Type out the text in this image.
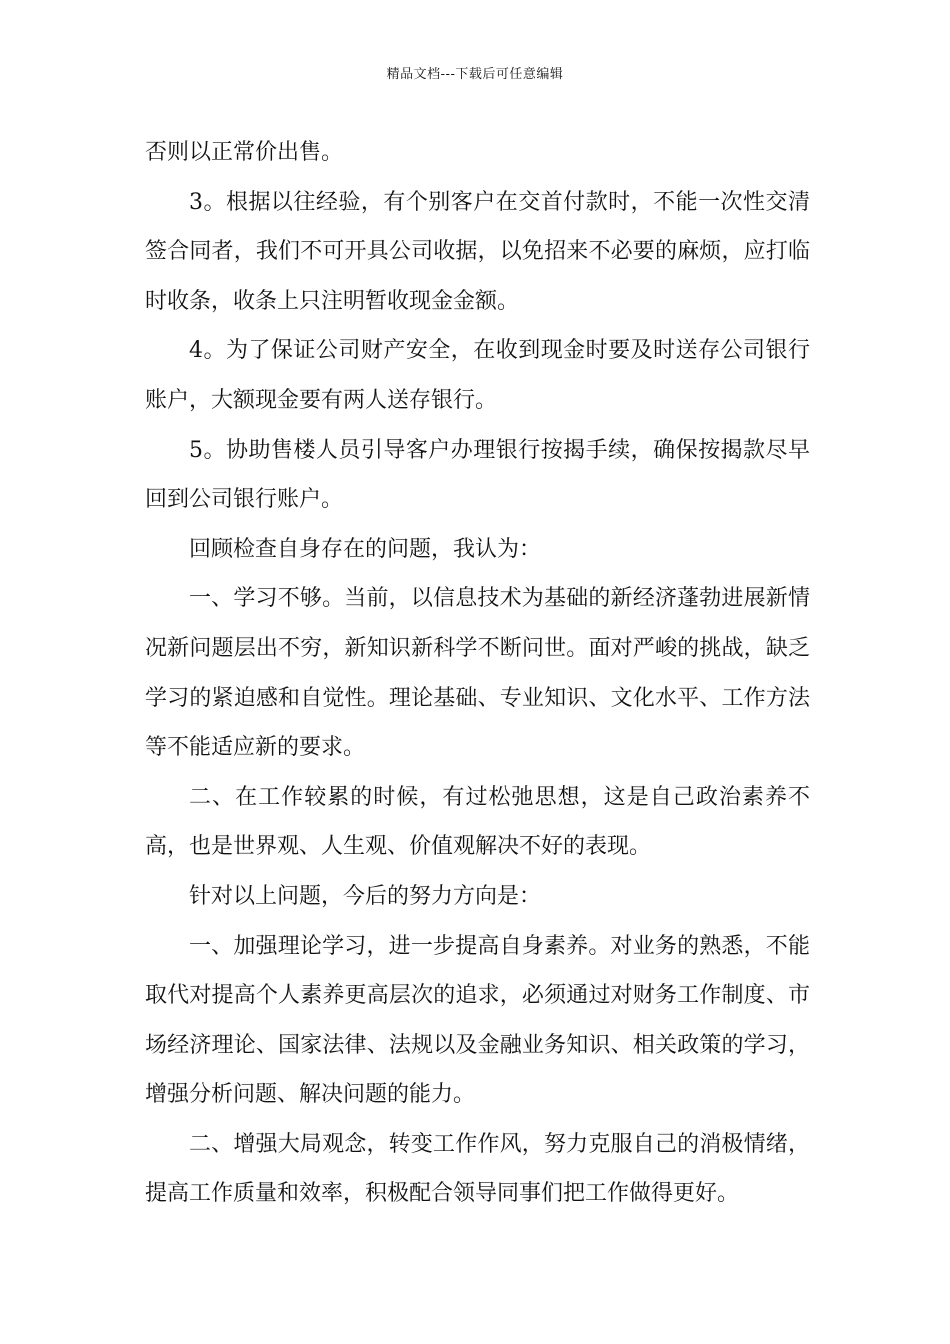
精品文档---下载后可任意编辑

否则以正常价出售。

3。根据以往经验，有个别客户在交首付款时，不能一次性交清签合同者，我们不可开具公司收据，以免招来不必要的麻烦，应打临时收条，收条上只注明暂收现金金额。

4。为了保证公司财产安全，在收到现金时要及时送存公司银行账户，大额现金要有两人送存银行。

5。协助售楼人员引导客户办理银行按揭手续，确保按揭款尽早回到公司银行账户。

回顾检查自身存在的问题，我认为：

一、学习不够。当前，以信息技术为基础的新经济蓬勃进展新情况新问题层出不穷，新知识新科学不断问世。面对严峻的挑战，缺乏学习的紧迫感和自觉性。理论基础、专业知识、文化水平、工作方法等不能适应新的要求。

二、在工作较累的时候，有过松弛思想，这是自己政治素养不高，也是世界观、人生观、价值观解决不好的表现。

针对以上问题，今后的努力方向是：

一、加强理论学习，进一步提高自身素养。对业务的熟悉，不能取代对提高个人素养更高层次的追求，必须通过对财务工作制度、市场经济理论、国家法律、法规以及金融业务知识、相关政策的学习，增强分析问题、解决问题的能力。

二、增强大局观念，转变工作作风，努力克服自己的消极情绪，提高工作质量和效率，积极配合领导同事们把工作做得更好。
